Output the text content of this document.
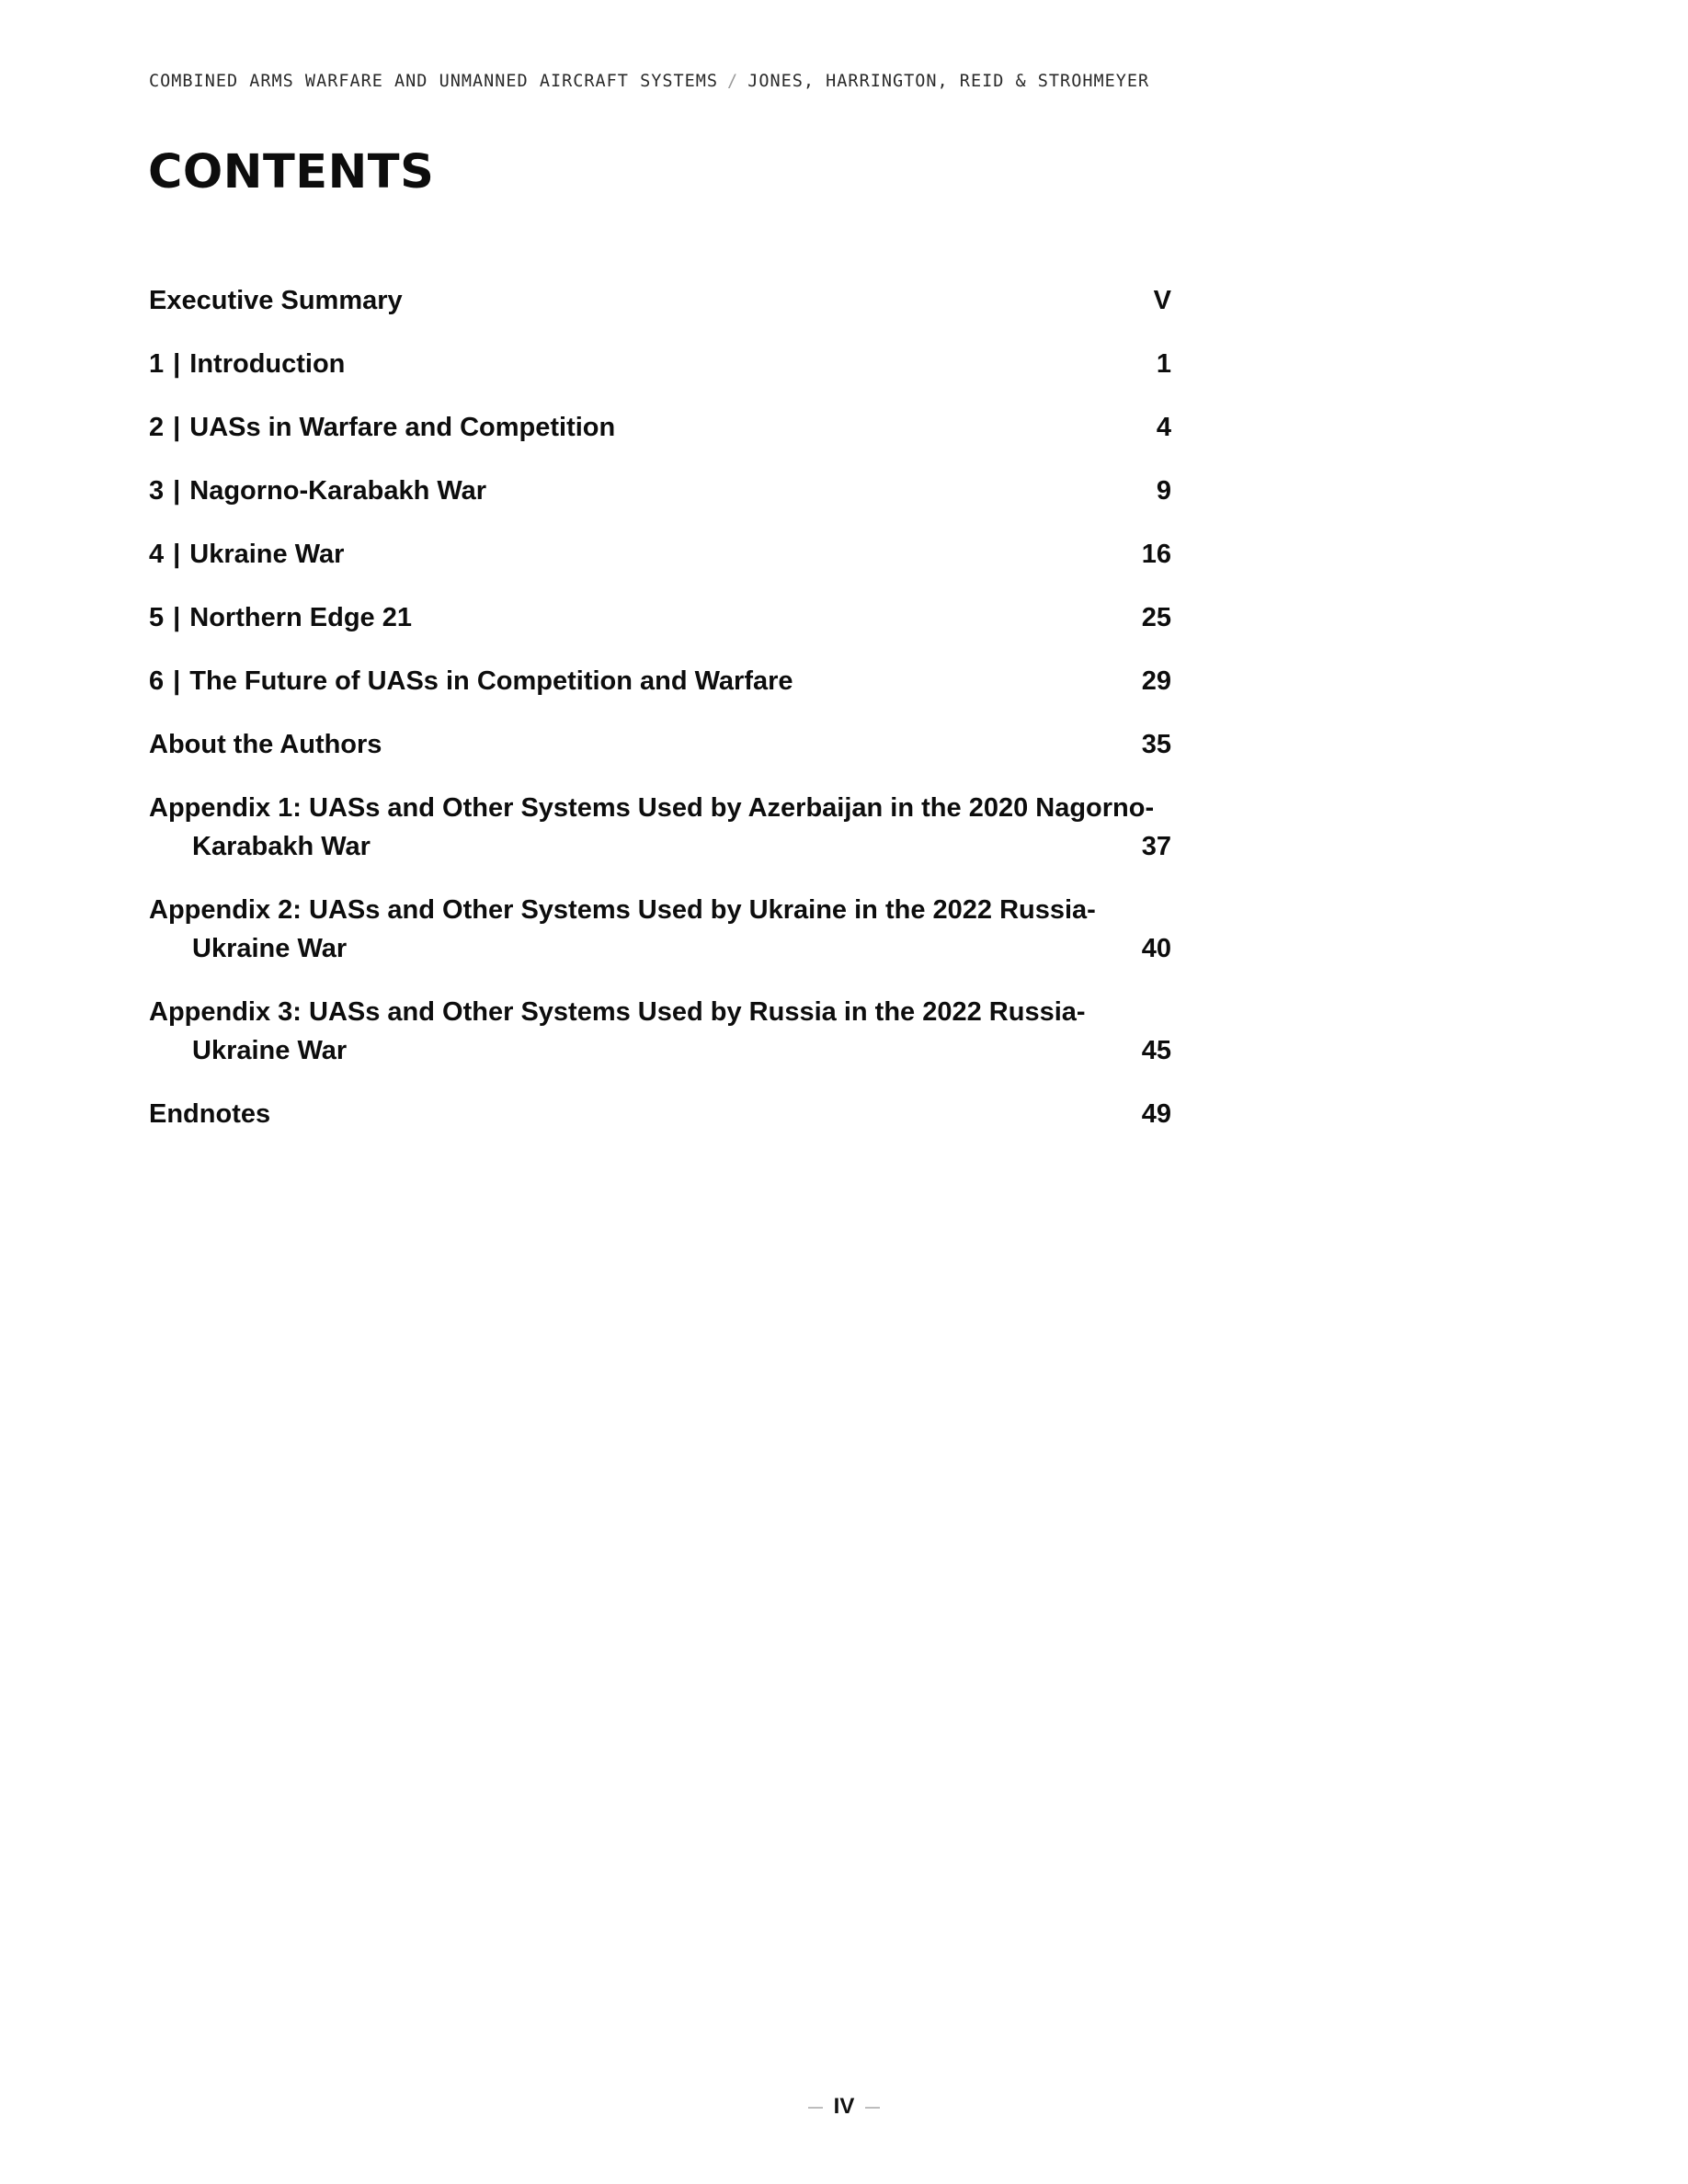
COMBINED ARMS WARFARE AND UNMANNED AIRCRAFT SYSTEMS / JONES, HARRINGTON, REID & STROHMEYER
CONTENTS
Executive Summary	V
1 | Introduction	1
2 | UASs in Warfare and Competition	4
3 | Nagorno-Karabakh War	9
4 | Ukraine War	16
5 | Northern Edge 21	25
6 | The Future of UASs in Competition and Warfare	29
About the Authors	35
Appendix 1: UASs and Other Systems Used by Azerbaijan in the 2020 Nagorno-
Karabakh War	37
Appendix 2: UASs and Other Systems Used by Ukraine in the 2022 Russia-
Ukraine War	40
Appendix 3: UASs and Other Systems Used by Russia in the 2022 Russia-
Ukraine War	45
Endnotes	49
IV
